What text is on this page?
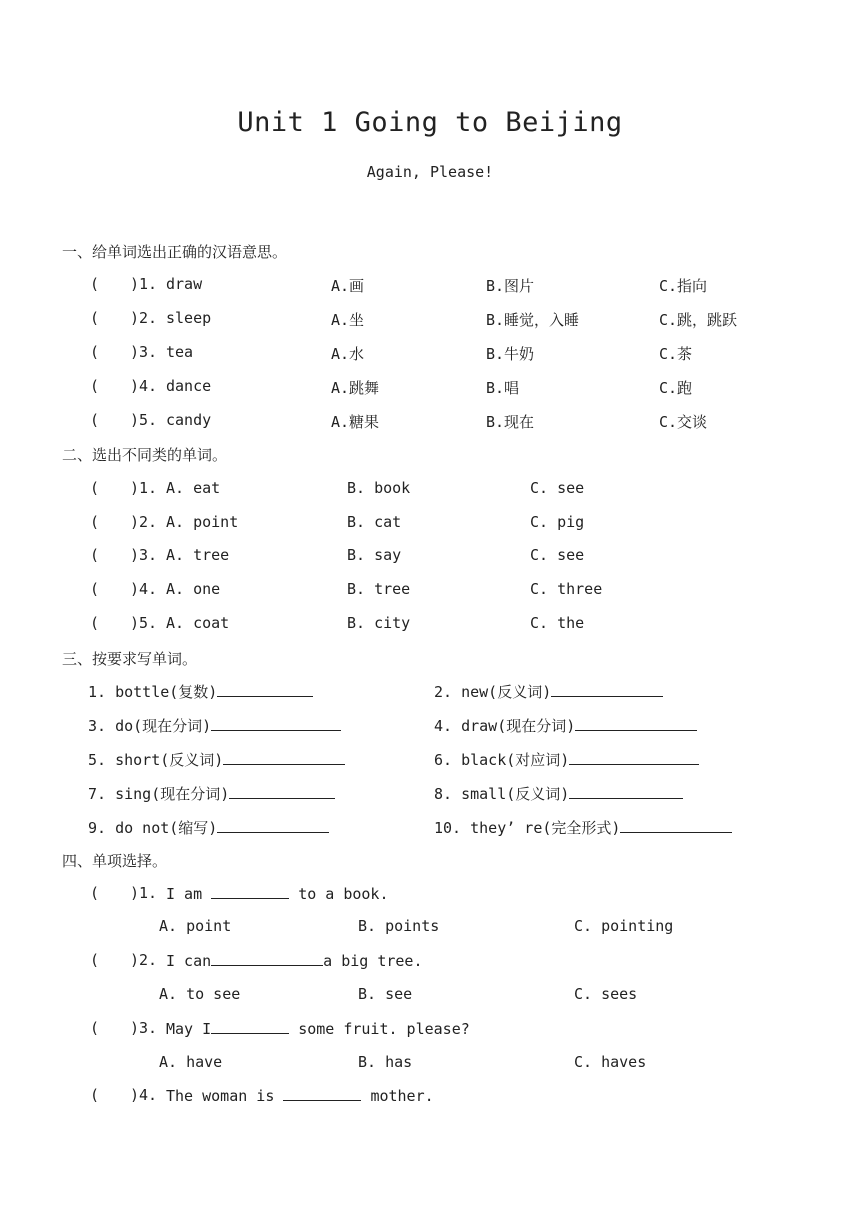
Unit 1 Going to Beijing
Again, Please!
一、给单词选出正确的汉语意思。
( )1. draw	A.画	B.图片	C.指向
( )2. sleep	A.坐	B.睡觉，入睡	C.跳，跳跃
( )3. tea	A.水	B.牛奶	C.茶
( )4. dance	A.跳舞	B.唱	C.跑
( )5. candy	A.糖果	B.现在	C.交谈
二、选出不同类的单词。
( )1. A. eat	B. book	C. see
( )2. A. point	B. cat	C. pig
( )3. A. tree	B. say	C. see
( )4. A. one	B. tree	C. three
( )5. A. coat	B. city	C. the
三、按要求写单词。
1. bottle(复数)	2. new(反义词)
3. do(现在分词)	4. draw(现在分词)
5. short(反义词)	6. black(对应词)
7. sing(现在分词)	8. small(反义词)
9. do not(缩写)	10. they’ re(完全形式)
四、单项选择。
( )1. I am	to a book.
A. point	B. points	C. pointing
( )2. I can	a big tree.
A. to see	B. see	C. sees
( )3. May I	some fruit. please?
A. have	B. has	C. haves
( )4. The woman is	mother.
